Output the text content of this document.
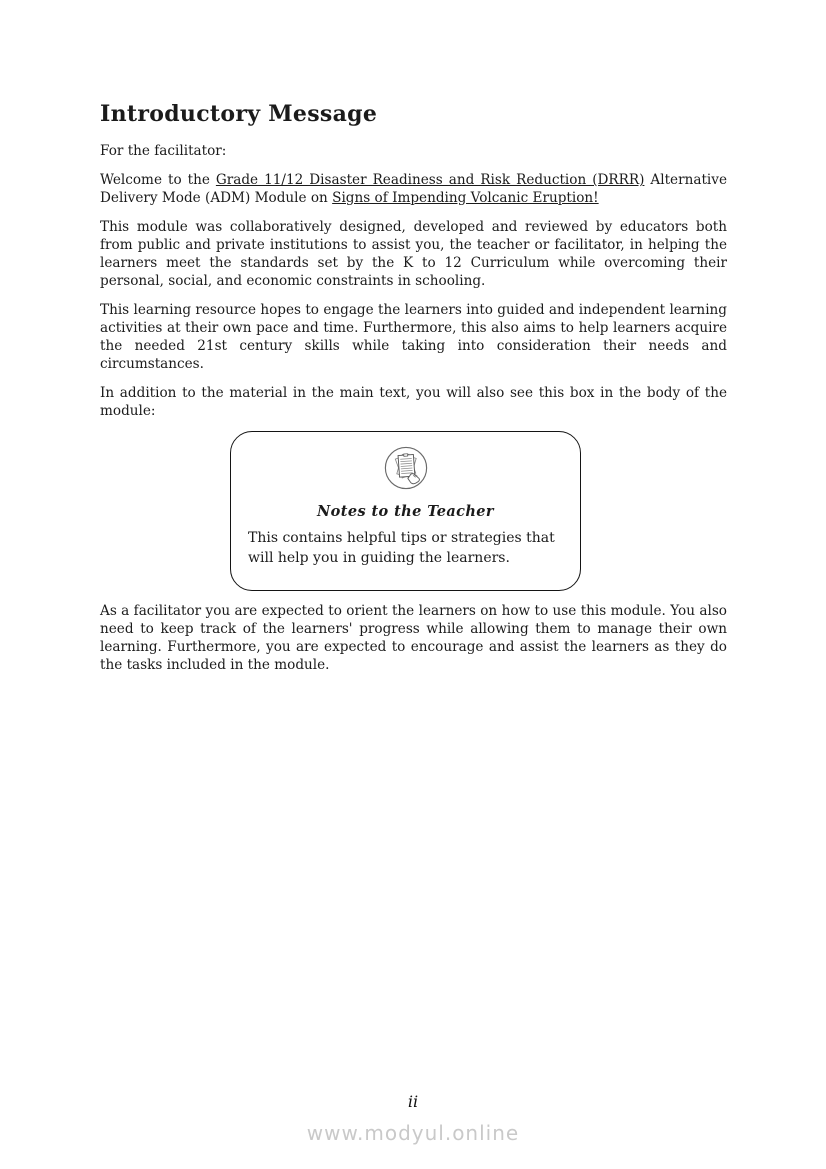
Introductory Message

For the facilitator:

Welcome to the Grade 11/12 Disaster Readiness and Risk Reduction (DRRR) Alternative Delivery Mode (ADM) Module on Signs of Impending Volcanic Eruption!

This module was collaboratively designed, developed and reviewed by educators both from public and private institutions to assist you, the teacher or facilitator, in helping the learners meet the standards set by the K to 12 Curriculum while overcoming their personal, social, and economic constraints in schooling.

This learning resource hopes to engage the learners into guided and independent learning activities at their own pace and time. Furthermore, this also aims to help learners acquire the needed 21st century skills while taking into consideration their needs and circumstances.

In addition to the material in the main text, you will also see this box in the body of the module:

Notes to the Teacher

This contains helpful tips or strategies that will help you in guiding the learners.

As a facilitator you are expected to orient the learners on how to use this module. You also need to keep track of the learners' progress while allowing them to manage their own learning. Furthermore, you are expected to encourage and assist the learners as they do the tasks included in the module.

ii
www.modyul.online
